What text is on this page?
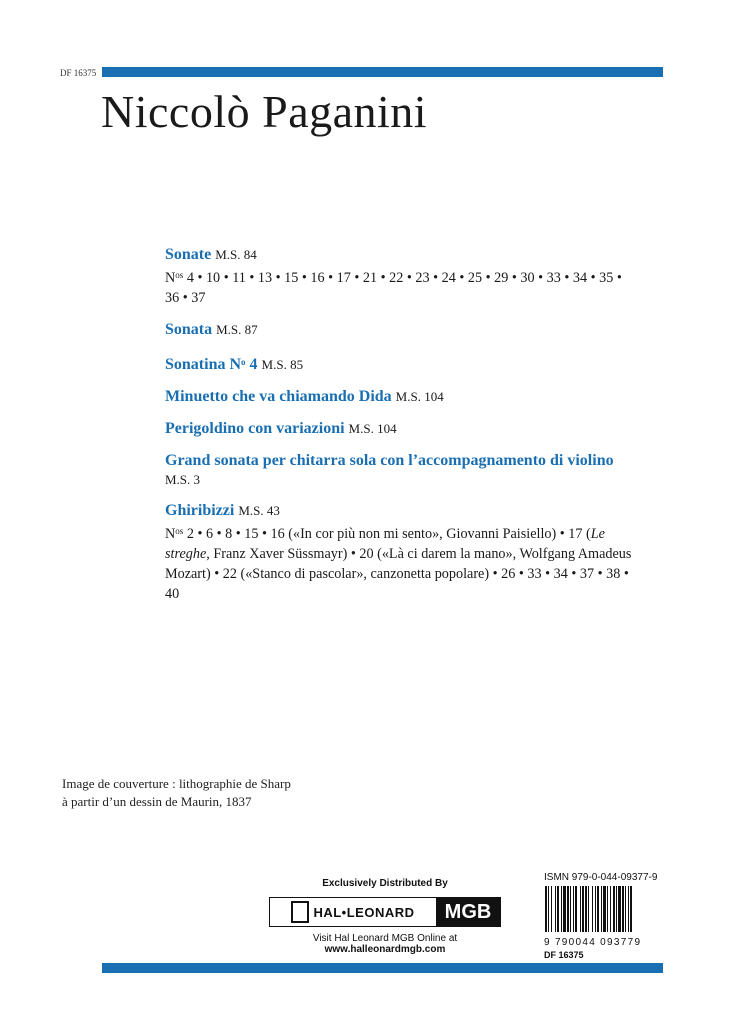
DF 16375
Niccolò Paganini
Sonate M.S. 84
$N^{os}$ 4 • 10 • 11 • 13 • 15 • 16 • 17 • 21 • 22 • 23 • 24 • 25 • 29 • 30 • 33 • 34 • 35 • 36 • 37
Sonata M.S. 87
Sonatina $N^o$ 4 M.S. 85
Minuetto che va chiamando Dida M.S. 104
Perigoldino con variazioni M.S. 104
Grand sonata per chitarra sola con l’accompagnamento di violino M.S. 3
Ghiribizzi M.S. 43
$N^{os}$ 2 • 6 • 8 • 15 • 16 («In cor più non mi sento», Giovanni Paisiello) • 17 (Le streghe, Franz Xaver Süssmayr) • 20 («Là ci darem la mano», Wolfgang Amadeus Mozart) • 22 («Stanco di pascolar», canzonetta popolare) • 26 • 33 • 34 • 37 • 38 • 40
Image de couverture : lithographie de Sharp
à partir d’un dessin de Maurin, 1837
Exclusively Distributed By
HAL•LEONARD	MGB
Visit Hal Leonard MGB Online at
www.halleonardmgb.com
ISMN 979-0-044-09377-9
9 790044 093779
DF 16375
